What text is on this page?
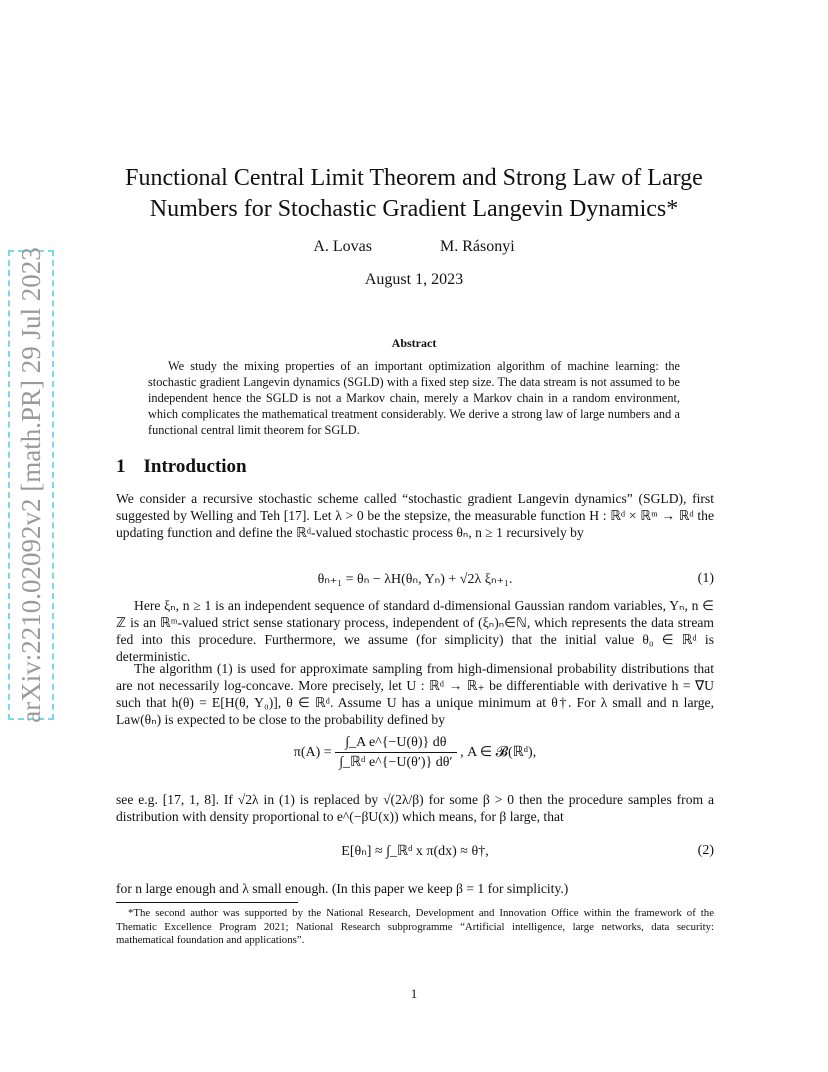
arXiv:2210.02092v2 [math.PR] 29 Jul 2023
Functional Central Limit Theorem and Strong Law of Large
Numbers for Stochastic Gradient Langevin Dynamics*
A. Lovas	M. Rásonyi
August 1, 2023
Abstract
We study the mixing properties of an important optimization algorithm of machine learning: the stochastic gradient Langevin dynamics (SGLD) with a fixed step size. The data stream is not assumed to be independent hence the SGLD is not a Markov chain, merely a Markov chain in a random environment, which complicates the mathematical treatment considerably. We derive a strong law of large numbers and a functional central limit theorem for SGLD.
1 Introduction
We consider a recursive stochastic scheme called “stochastic gradient Langevin dynamics” (SGLD), first suggested by Welling and Teh [17]. Let λ > 0 be the stepsize, the measurable function H : ℝᵈ × ℝᵐ → ℝᵈ the updating function and define the ℝᵈ-valued stochastic process θₙ, n ≥ 1 recursively by
θₙ₊₁ = θₙ − λH(θₙ, Yₙ) + √2λ ξₙ₊₁.	(1)
Here ξₙ, n ≥ 1 is an independent sequence of standard d-dimensional Gaussian random variables, Yₙ, n ∈ ℤ is an ℝᵐ-valued strict sense stationary process, independent of (ξₙ)ₙ∈ℕ, which represents the data stream fed into this procedure. Furthermore, we assume (for simplicity) that the initial value θ₀ ∈ ℝᵈ is deterministic.
The algorithm (1) is used for approximate sampling from high-dimensional probability distributions that are not necessarily log-concave. More precisely, let U : ℝᵈ → ℝ₊ be differentiable with derivative h = ∇U such that h(θ) = E[H(θ, Y₀)], θ ∈ ℝᵈ. Assume U has a unique minimum at θ†. For λ small and n large, Law(θₙ) is expected to be close to the probability defined by
$\pi(A) = \frac{\text{∫\_A e\textasciicircum{}\{−U(θ)\} dθ}}{\text{∫\_ℝᵈ e\textasciicircum{}\{−U(θ′)\} dθ′}}$ , A ∈ 𝓑(ℝᵈ),
see e.g. [17, 1, 8]. If √2λ in (1) is replaced by √(2λ/β) for some β > 0 then the procedure samples from a distribution with density proportional to e^(−βU(x)) which means, for β large, that
E[θₙ] ≈ ∫_ℝᵈ x π(dx) ≈ θ†,	(2)
for n large enough and λ small enough. (In this paper we keep β = 1 for simplicity.)
*The second author was supported by the National Research, Development and Innovation Office within the framework of the Thematic Excellence Program 2021; National Research subprogramme “Artificial intelligence, large networks, data security: mathematical foundation and applications”.
1
